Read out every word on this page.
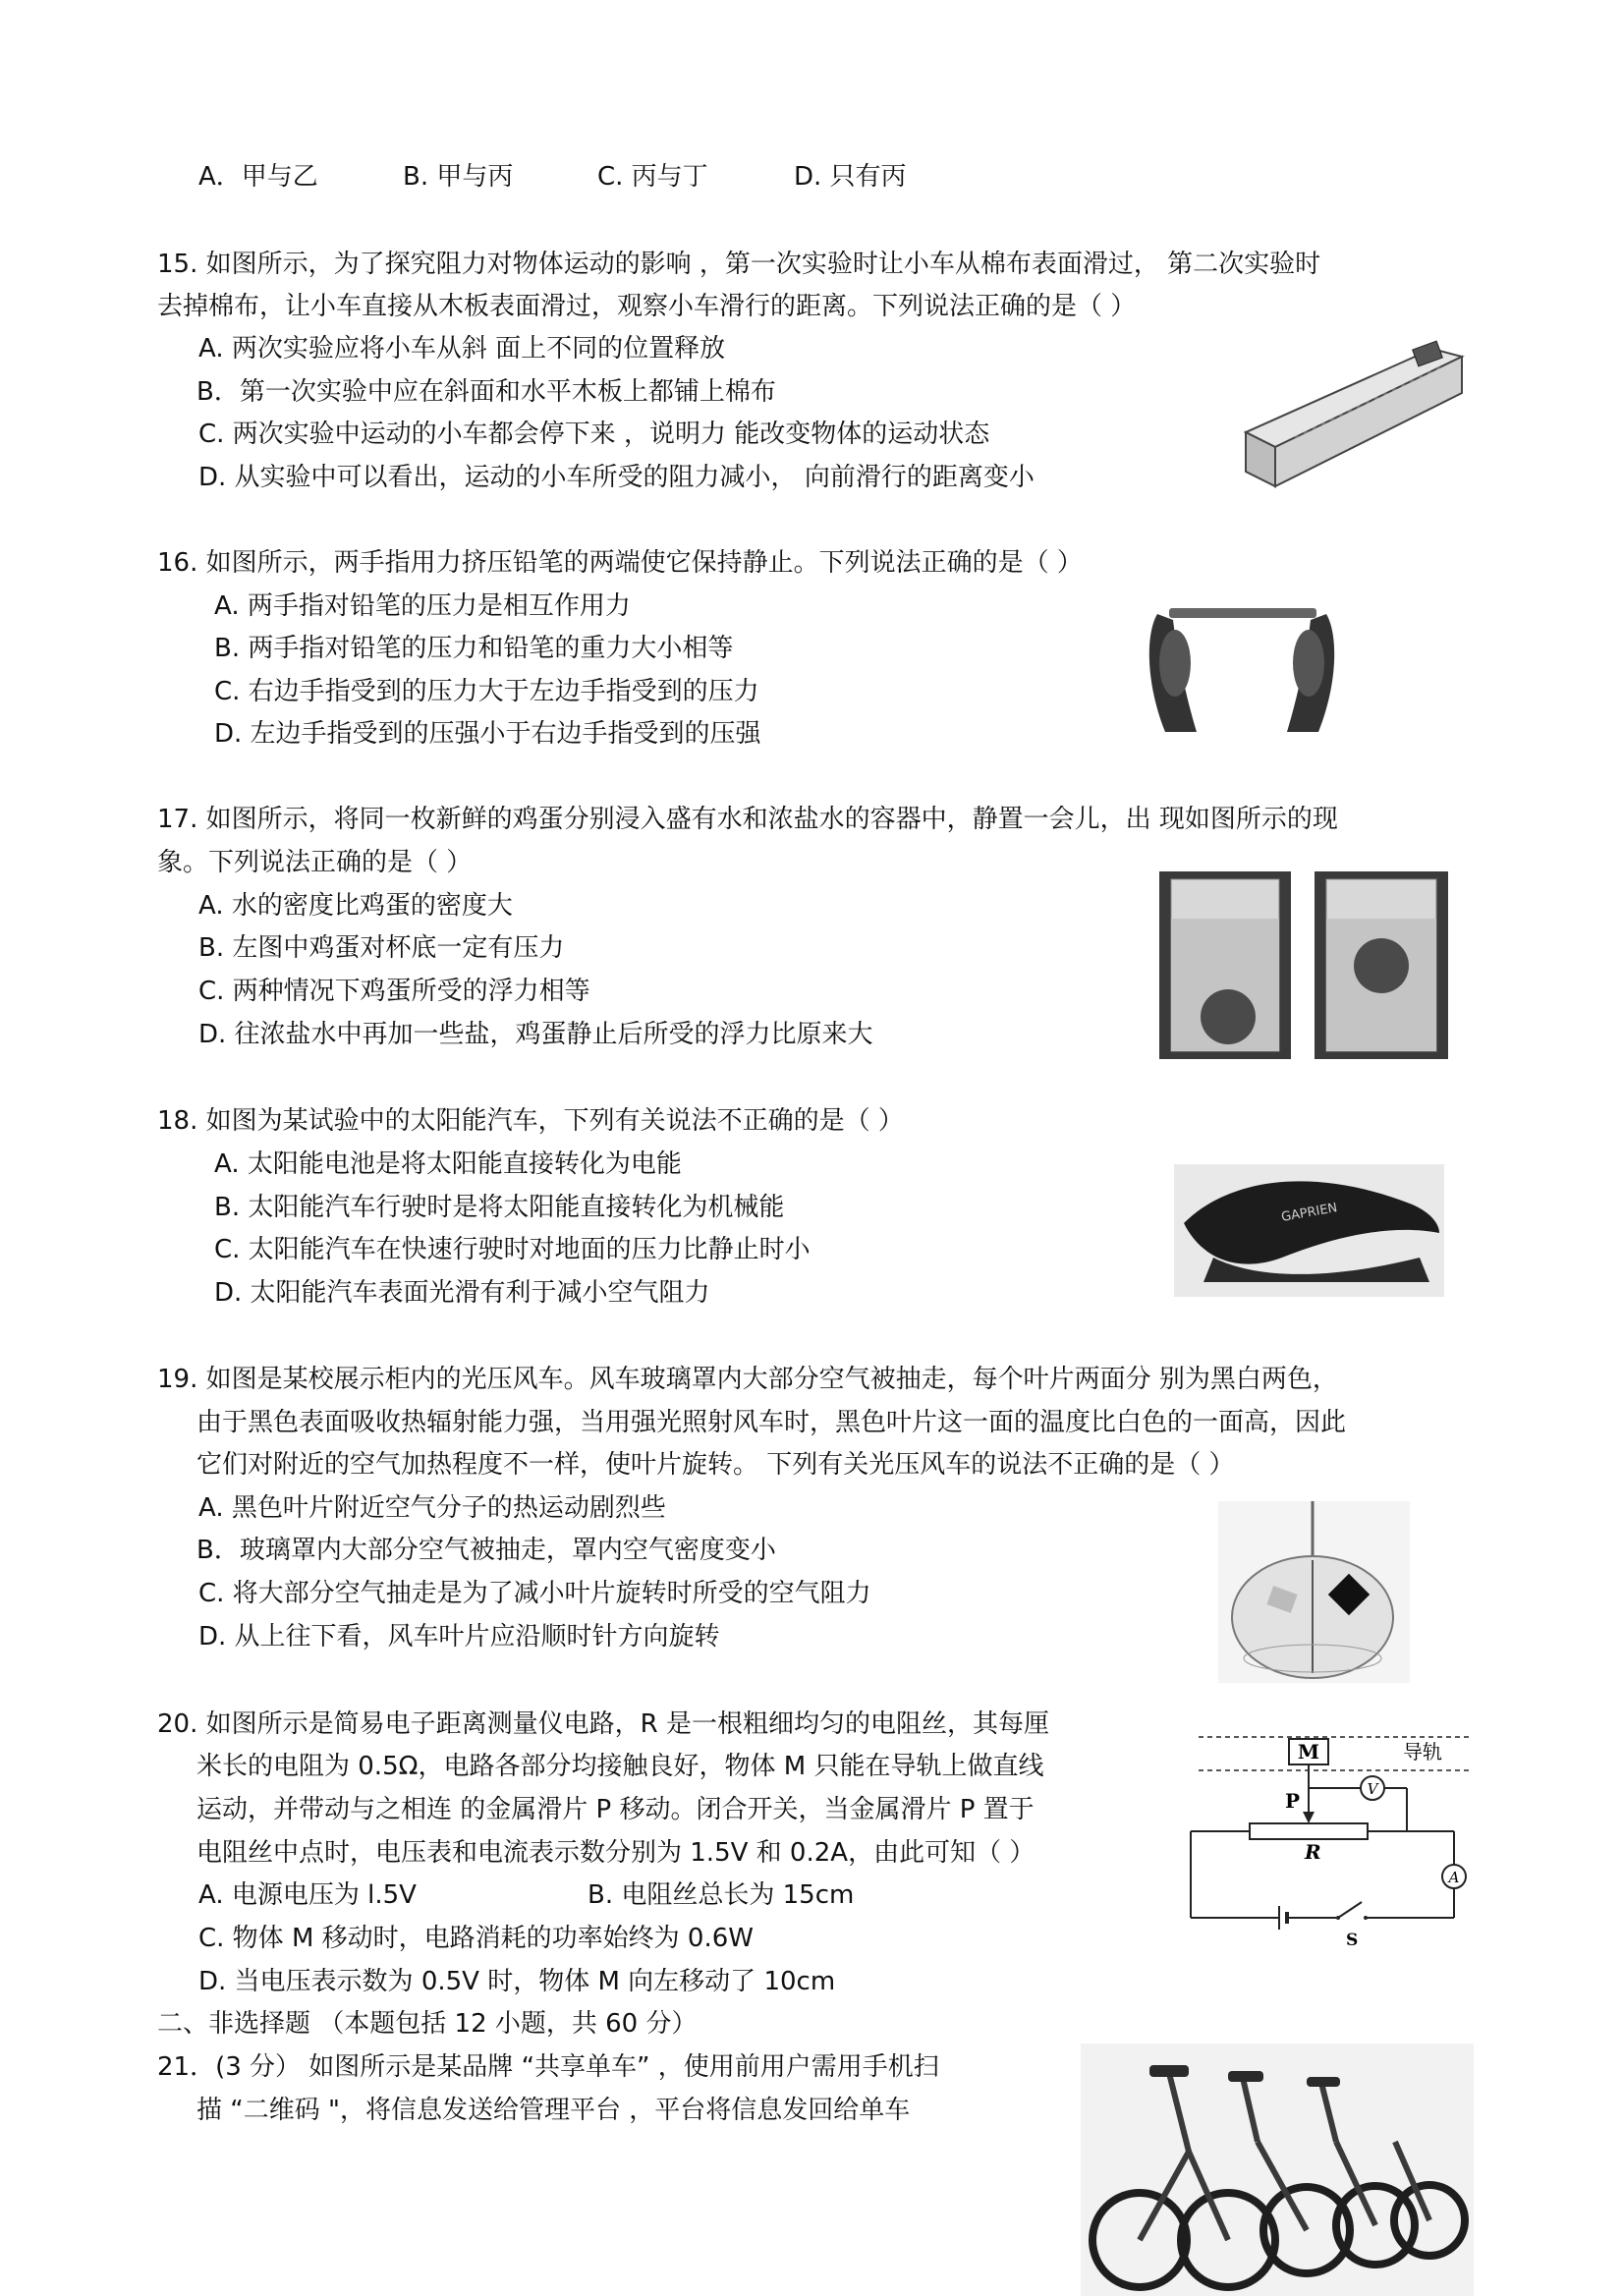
A．甲与乙	B. 甲与丙	C. 丙与丁	D. 只有丙
15. 如图所示，为了探究阻力对物体运动的影响 ，第一次实验时让小车从棉布表面滑过， 第二次实验时
去掉棉布，让小车直接从木板表面滑过，观察小车滑行的距离。下列说法正确的是（ ）
A. 两次实验应将小车从斜 面上不同的位置释放
B．第一次实验中应在斜面和水平木板上都铺上棉布
C. 两次实验中运动的小车都会停下来 ，说明力 能改变物体的运动状态
D. 从实验中可以看出，运动的小车所受的阻力减小， 向前滑行的距离变小
16. 如图所示，两手指用力挤压铅笔的两端使它保持静止。下列说法正确的是（ ）
A. 两手指对铅笔的压力是相互作用力
B. 两手指对铅笔的压力和铅笔的重力大小相等
C. 右边手指受到的压力大于左边手指受到的压力
D. 左边手指受到的压强小于右边手指受到的压强
17. 如图所示，将同一枚新鲜的鸡蛋分别浸入盛有水和浓盐水的容器中，静置一会儿，出 现如图所示的现
象。下列说法正确的是（ ）
A. 水的密度比鸡蛋的密度大
B. 左图中鸡蛋对杯底一定有压力
C. 两种情况下鸡蛋所受的浮力相等
D. 往浓盐水中再加一些盐，鸡蛋静止后所受的浮力比原来大
18. 如图为某试验中的太阳能汽车，下列有关说法不正确的是（ ）
A. 太阳能电池是将太阳能直接转化为电能
B. 太阳能汽车行驶时是将太阳能直接转化为机械能
C. 太阳能汽车在快速行驶时对地面的压力比静止时小
D. 太阳能汽车表面光滑有利于减小空气阻力
GAPRIEN
19. 如图是某校展示柜内的光压风车。风车玻璃罩内大部分空气被抽走，每个叶片两面分 别为黑白两色，
由于黑色表面吸收热辐射能力强，当用强光照射风车时，黑色叶片这一面的温度比白色的一面高，因此
它们对附近的空气加热程度不一样，使叶片旋转。 下列有关光压风车的说法不正确的是（ ）
A. 黑色叶片附近空气分子的热运动剧烈些
B．玻璃罩内大部分空气被抽走，罩内空气密度变小
C. 将大部分空气抽走是为了减小叶片旋转时所受的空气阻力
D. 从上往下看，风车叶片应沿顺时针方向旋转
20. 如图所示是简易电子距离测量仪电路，R 是一根粗细均匀的电阻丝，其每厘
米长的电阻为 0.5Ω，电路各部分均接触良好，物体 M 只能在导轨上做直线
运动，并带动与之相连 的金属滑片 P 移动。闭合开关，当金属滑片 P 置于
电阻丝中点时，电压表和电流表示数分别为 1.5V 和 0.2A，由此可知（ ）
A. 电源电压为 l.5V	B. 电阻丝总长为 15cm
C. 物体 M 移动时，电路消耗的功率始终为 0.6W
D. 当电压表示数为 0.5V 时，物体 M 向左移动了 10cm
M	导轨
P	V
R
A
S
二、非选择题 （本题包括 12 小题，共 60 分）
21．(3 分） 如图所示是某品牌 “共享单车” ，使用前用户需用手机扫
描 “二维码 "，将信息发送给管理平台 ，平台将信息发回给单车
